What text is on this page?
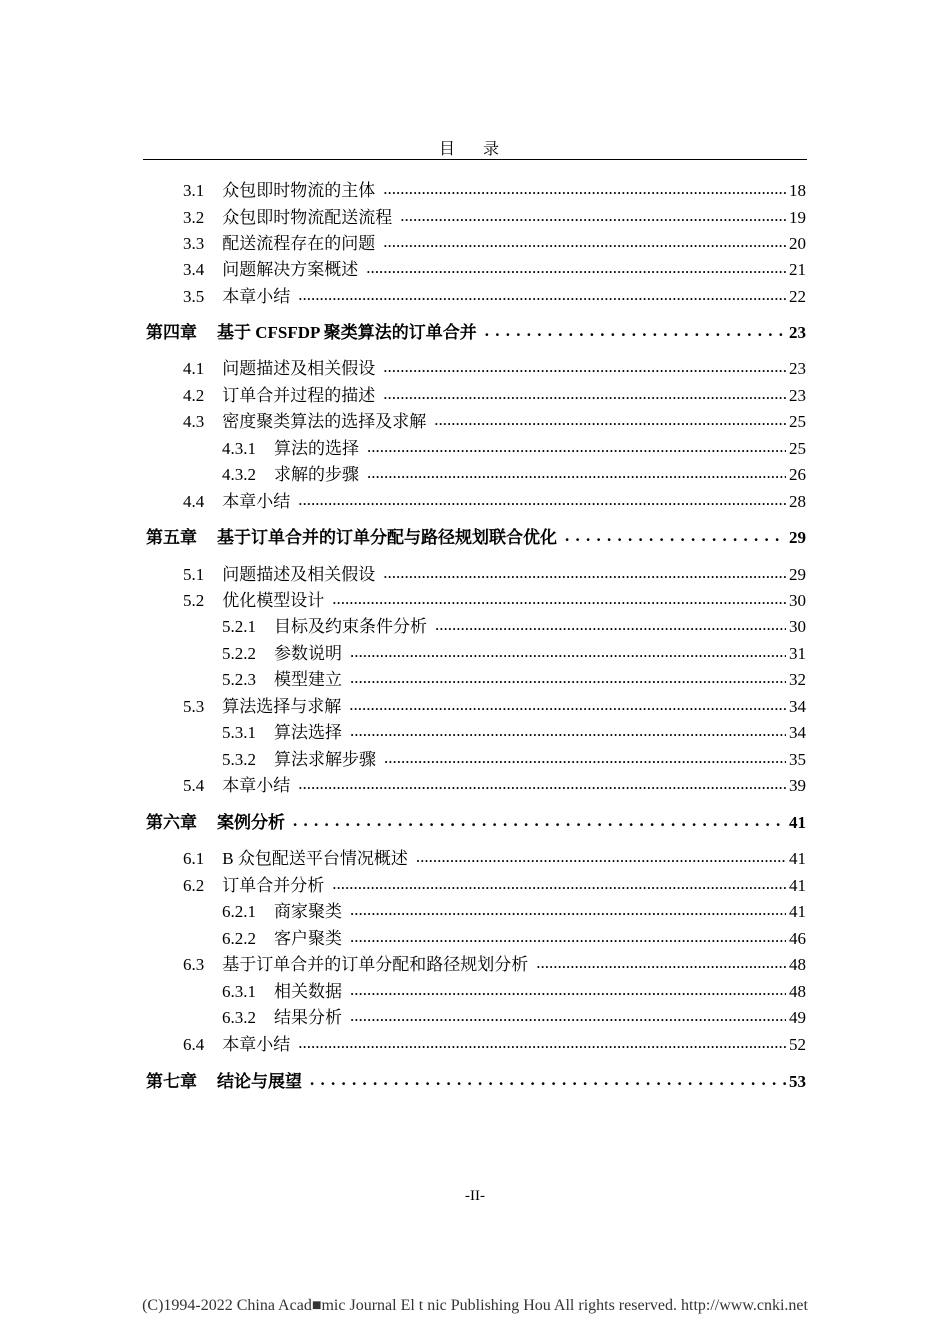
目 录
3.1 众包即时物流的主体 .....	18
3.2 众包即时物流配送流程 .....	19
3.3 配送流程存在的问题 .....	20
3.4 问题解决方案概述 .....	21
3.5 本章小结 .....	22
第四章 基于 CFSFDP 聚类算法的订单合并 . . .	23
4.1 问题描述及相关假设 .....	23
4.2 订单合并过程的描述 .....	23
4.3 密度聚类算法的选择及求解 .....	25
4.3.1 算法的选择 .....	25
4.3.2 求解的步骤 .....	26
4.4 本章小结 .....	28
第五章 基于订单合并的订单分配与路径规划联合优化 . . .	29
5.1 问题描述及相关假设 .....	29
5.2 优化模型设计 .....	30
5.2.1 目标及约束条件分析 .....	30
5.2.2 参数说明 .....	31
5.2.3 模型建立 .....	32
5.3 算法选择与求解 .....	34
5.3.1 算法选择 .....	34
5.3.2 算法求解步骤 .....	35
5.4 本章小结 .....	39
第六章 案例分析 . . .	41
6.1 B 众包配送平台情况概述 .....	41
6.2 订单合并分析 .....	41
6.2.1 商家聚类 .....	41
6.2.2 客户聚类 .....	46
6.3 基于订单合并的订单分配和路径规划分析 .....	48
6.3.1 相关数据 .....	48
6.3.2 结果分析 .....	49
6.4 本章小结 .....	52
第七章 结论与展望 . . .	53
-II-
(C)1994-2022 China Acad■mic Journal El t nic Publishing Hou All rights reserved. http://www.cnki.net
